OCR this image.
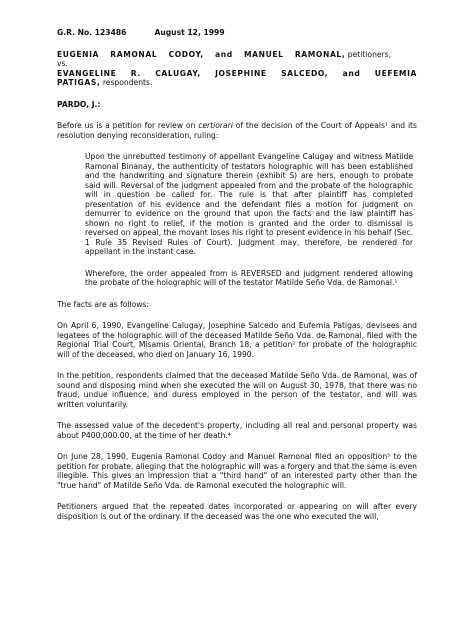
G.R. No. 123486	August 12, 1999

EUGENIA RAMONAL CODOY, and MANUEL RAMONAL, petitioners,

vs.

EVANGELINE R. CALUGAY, JOSEPHINE SALCEDO, and UEFEMIA PATIGAS, respondents.

PARDO, J.:

Before us is a petition for review on certiorari of the decision of the Court of Appeals¹ and its resolution denying reconsideration, ruling:

Upon the unrebutted testimony of appellant Evangeline Calugay and witness Matilde Ramonal Binanay, the authenticity of testators holographic will has been established and the handwriting and signature therein (exhibit S) are hers, enough to probate said will. Reversal of the judgment appealed from and the probate of the holographic will in question be called for. The rule is that after plaintiff has completed presentation of his evidence and the defendant files a motion for judgment on demurrer to evidence on the ground that upon the facts and the law plaintiff has shown no right to relief, if the motion is granted and the order to dismissal is reversed on appeal, the movant loses his right to present evidence in his behalf (Sec. 1 Rule 35 Revised Rules of Court). Judgment may, therefore, be rendered for appellant in the instant case.

Wherefore, the order appealed from is REVERSED and judgment rendered allowing the probate of the holographic will of the testator Matilde Seño Vda. de Ramonal.¹

The facts are as follows:

On April 6, 1990, Evangeline Calugay, Josephine Salcedo and Eufemia Patigas, devisees and legatees of the holographic will of the deceased Matilde Seño Vda. de Ramonal, filed with the Regional Trial Court, Misamis Oriental, Branch 18, a petition² for probate of the holographic will of the deceased, who died on January 16, 1990.

In the petition, respondents claimed that the deceased Matilde Seño Vda. de Ramonal, was of sound and disposing mind when she executed the will on August 30, 1978, that there was no fraud, undue influence, and duress employed in the person of the testator, and will was written voluntarily.

The assessed value of the decedent's property, including all real and personal property was about P400,000.00, at the time of her death.⁴

On June 28, 1990, Eugenia Ramonal Codoy and Manuel Ramonal filed an opposition⁵ to the petition for probate, alleging that the holographic will was a forgery and that the same is even illegible. This gives an impression that a "third hand" of an interested party other than the "true hand" of Matilde Seño Vda. de Ramonal executed the holographic will.

Petitioners argued that the repeated dates incorporated or appearing on will after every disposition is out of the ordinary. If the deceased was the one who executed the will,
